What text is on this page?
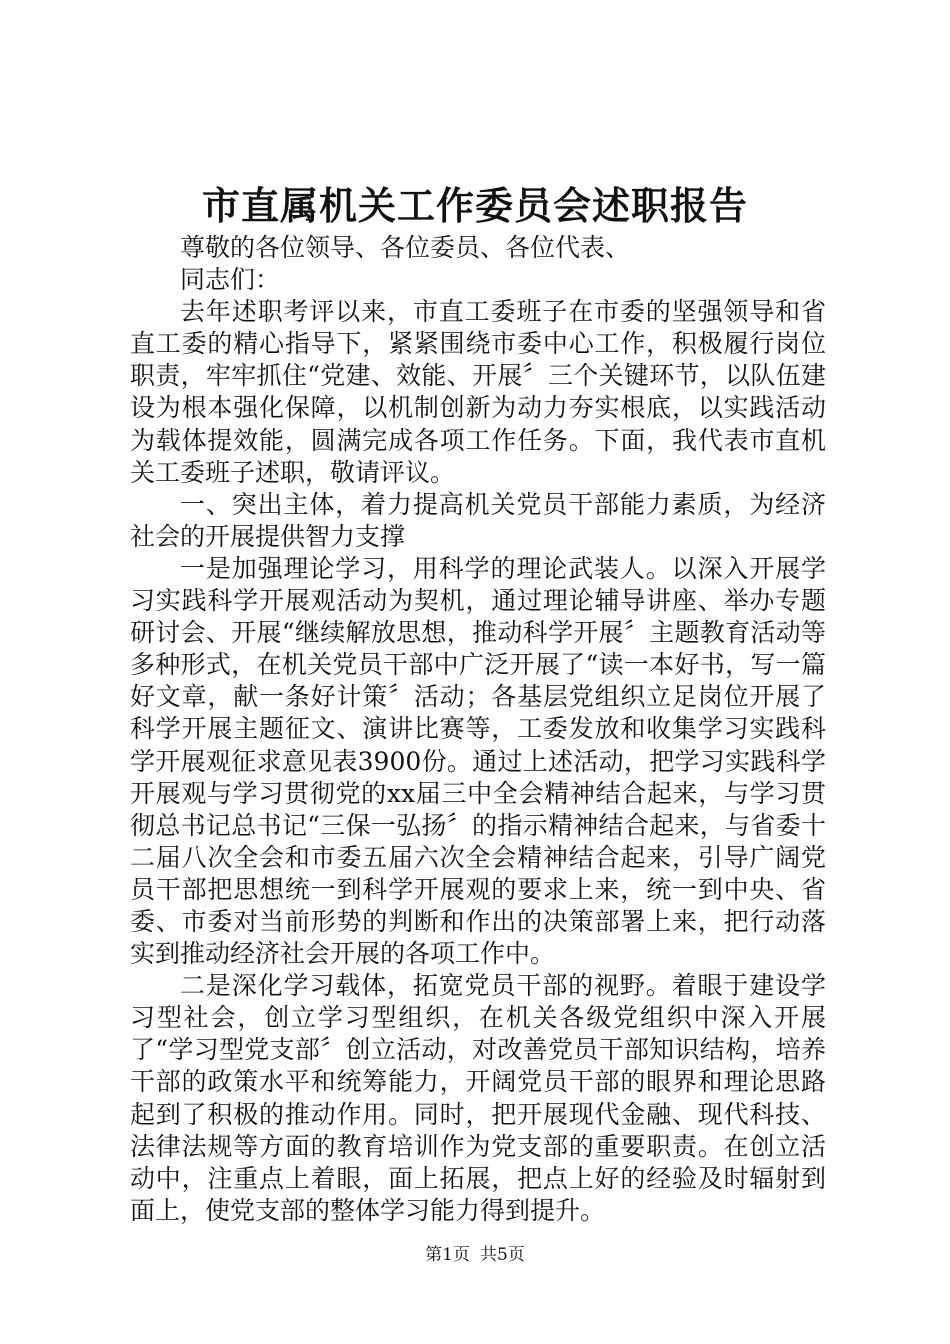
市直属机关工作委员会述职报告

尊敬的各位领导、各位委员、各位代表、

同志们：

去年述职考评以来，市直工委班子在市委的坚强领导和省直工委的精心指导下，紧紧围绕市委中心工作，积极履行岗位职责，牢牢抓住“党建、效能、开展〞三个关键环节，以队伍建设为根本强化保障，以机制创新为动力夯实根底，以实践活动为载体提效能，圆满完成各项工作任务。下面，我代表市直机关工委班子述职，敬请评议。

一、突出主体，着力提高机关党员干部能力素质，为经济社会的开展提供智力支撑

一是加强理论学习，用科学的理论武装人。以深入开展学习实践科学开展观活动为契机，通过理论辅导讲座、举办专题研讨会、开展“继续解放思想，推动科学开展〞主题教育活动等多种形式，在机关党员干部中广泛开展了“读一本好书，写一篇好文章，献一条好计策〞活动；各基层党组织立足岗位开展了科学开展主题征文、演讲比赛等，工委发放和收集学习实践科学开展观征求意见表3900份。通过上述活动，把学习实践科学开展观与学习贯彻党的xx届三中全会精神结合起来，与学习贯彻总书记总书记“三保一弘扬〞的指示精神结合起来，与省委十二届八次全会和市委五届六次全会精神结合起来，引导广阔党员干部把思想统一到科学开展观的要求上来，统一到中央、省委、市委对当前形势的判断和作出的决策部署上来，把行动落实到推动经济社会开展的各项工作中。

二是深化学习载体，拓宽党员干部的视野。着眼于建设学习型社会，创立学习型组织，在机关各级党组织中深入开展了“学习型党支部〞创立活动，对改善党员干部知识结构，培养干部的政策水平和统筹能力，开阔党员干部的眼界和理论思路起到了积极的推动作用。同时，把开展现代金融、现代科技、法律法规等方面的教育培训作为党支部的重要职责。在创立活动中，注重点上着眼，面上拓展，把点上好的经验及时辐射到面上，使党支部的整体学习能力得到提升。

第1页 共5页
